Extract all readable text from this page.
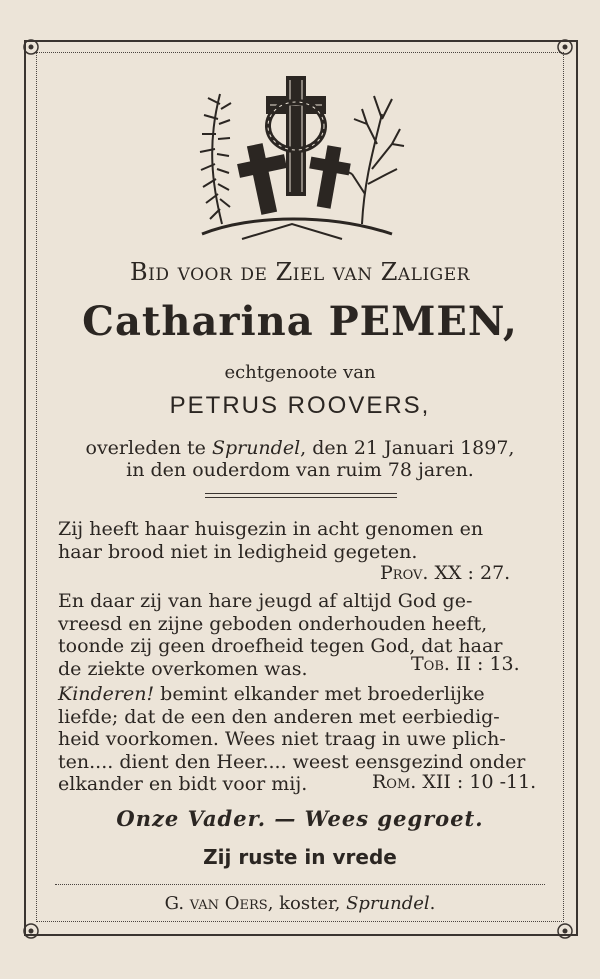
Bid voor de Ziel van Zaliger
Catharina PEMEN,
echtgenoote van
PETRUS ROOVERS,
overleden te Sprundel, den 21 Januari 1897,
in den ouderdom van ruim 78 jaren.
Zij heeft haar huisgezin in acht genomen en
haar brood niet in ledigheid gegeten.
Prov. XX : 27.
En daar zij van hare jeugd af altijd God ge-
vreesd en zijne geboden onderhouden heeft,
toonde zij geen droefheid tegen God, dat haar
de ziekte overkomen was.	Tob. II : 13.
Kinderen! bemint elkander met broederlijke
liefde; dat de een den anderen met eerbiedig-
heid voorkomen. Wees niet traag in uwe plich-
ten.... dient den Heer.... weest eensgezind onder
elkander en bidt voor mij.	Rom. XII : 10 -11.
Onze Vader. — Wees gegroet.
Zij ruste in vrede
G. van Oers, koster, Sprundel.
